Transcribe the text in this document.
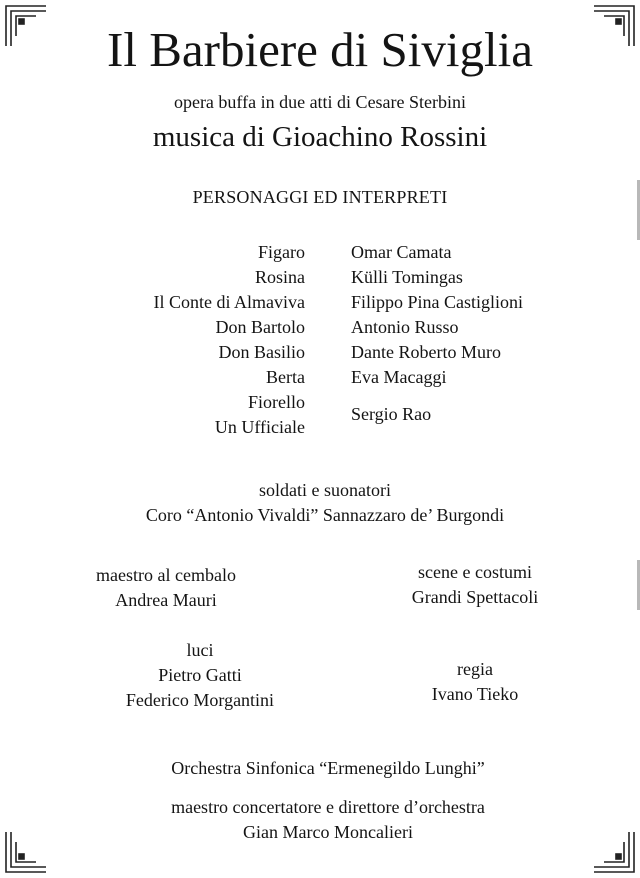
Il Barbiere di Siviglia
opera buffa in due atti di Cesare Sterbini
musica di Gioachino Rossini
PERSONAGGI ED INTERPRETI
Figaro
Rosina
Il Conte di Almaviva
Don Bartolo
Don Basilio
Berta
Fiorello
Un Ufficiale
Omar Camata
Külli Tomingas
Filippo Pina Castiglioni
Antonio Russo
Dante Roberto Muro
Eva Macaggi
Sergio Rao
soldati e suonatori
Coro “Antonio Vivaldi” Sannazzaro de’ Burgondi
maestro al cembalo
Andrea Mauri
scene e costumi
Grandi Spettacoli
luci
Pietro Gatti
Federico Morgantini
regia
Ivano Tieko
Orchestra Sinfonica “Ermenegildo Lunghi”
maestro concertatore e direttore d’orchestra
Gian Marco Moncalieri
